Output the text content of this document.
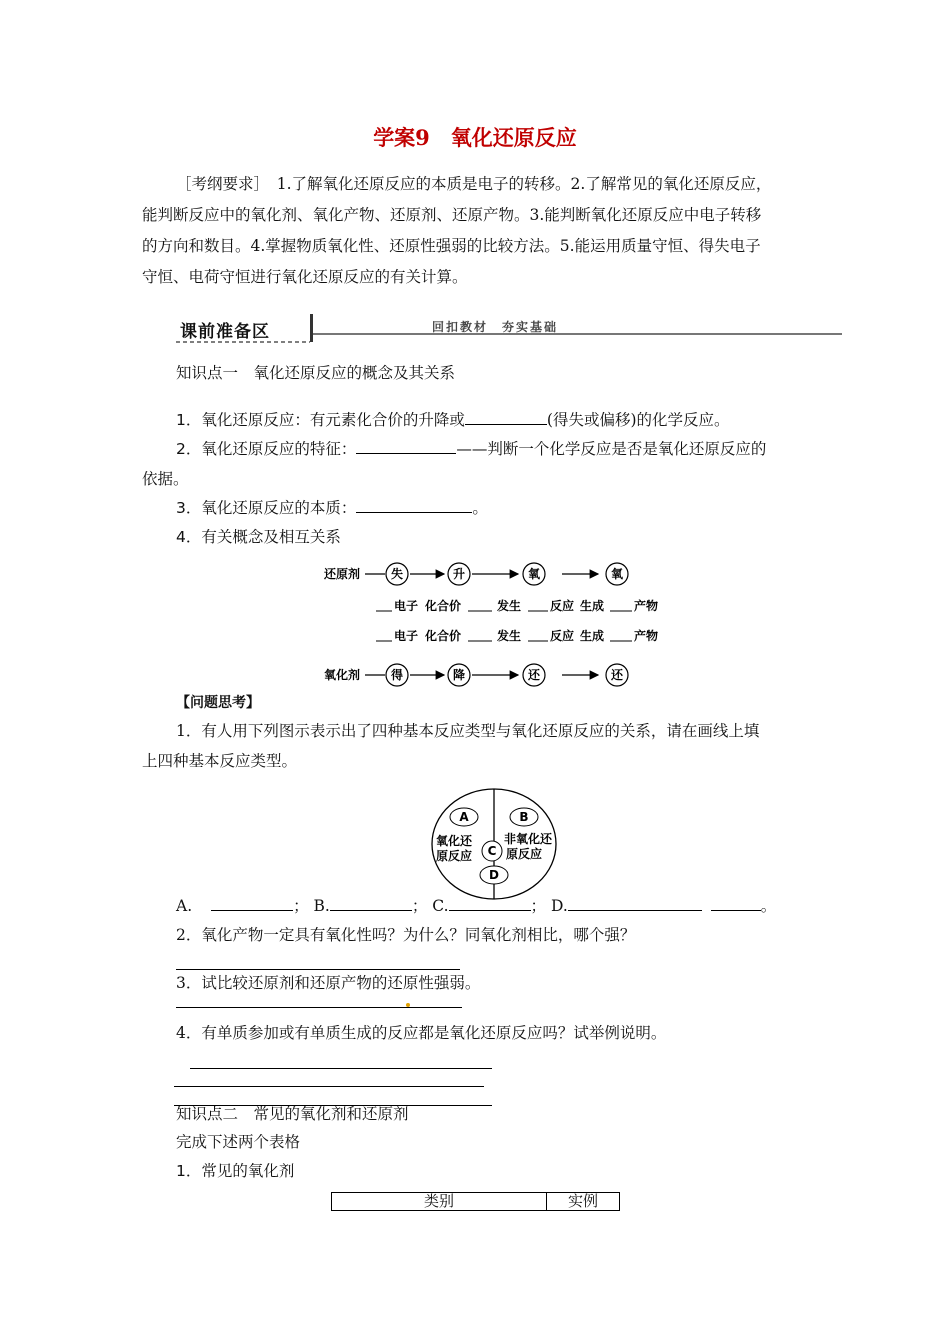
学案9　氧化还原反应
［考纲要求］　1.了解氧化还原反应的本质是电子的转移。2.了解常见的氧化还原反应，
能判断反应中的氧化剂、氧化产物、还原剂、还原产物。3.能判断氧化还原反应中电子转移
的方向和数目。4.掌握物质氧化性、还原性强弱的比较方法。5.能运用质量守恒、得失电子
守恒、电荷守恒进行氧化还原反应的有关计算。
课前准备区	回扣教材　夯实基础
知识点一　氧化还原反应的概念及其关系
1．氧化还原反应：有元素化合价的升降或	(得失或偏移)的化学反应。
2．氧化还原反应的特征：	——判断一个化学反应是否是氧化还原反应的
依据。
3．氧化还原反应的本质：	。
4．有关概念及相互关系
还原剂	失	升	氧	氧
电子 化合价	发生 反应 生成 产物
电子 化合价	发生 反应 生成 产物
氧化剂	得	降	还	还
【问题思考】
1．有人用下列图示表示出了四种基本反应类型与氧化还原反应的关系，请在画线上填
上四种基本反应类型。
A	B
氧化还
原反应
非氧化还
原反应
C
D
A.	； B.	； C.	； D.	。
2．氧化产物一定具有氧化性吗？为什么？同氧化剂相比，哪个强？
3．试比较还原剂和还原产物的还原性强弱。
4．有单质参加或有单质生成的反应都是氧化还原反应吗？试举例说明。
知识点二　常见的氧化剂和还原剂
完成下述两个表格
1．常见的氧化剂
类别	实例
